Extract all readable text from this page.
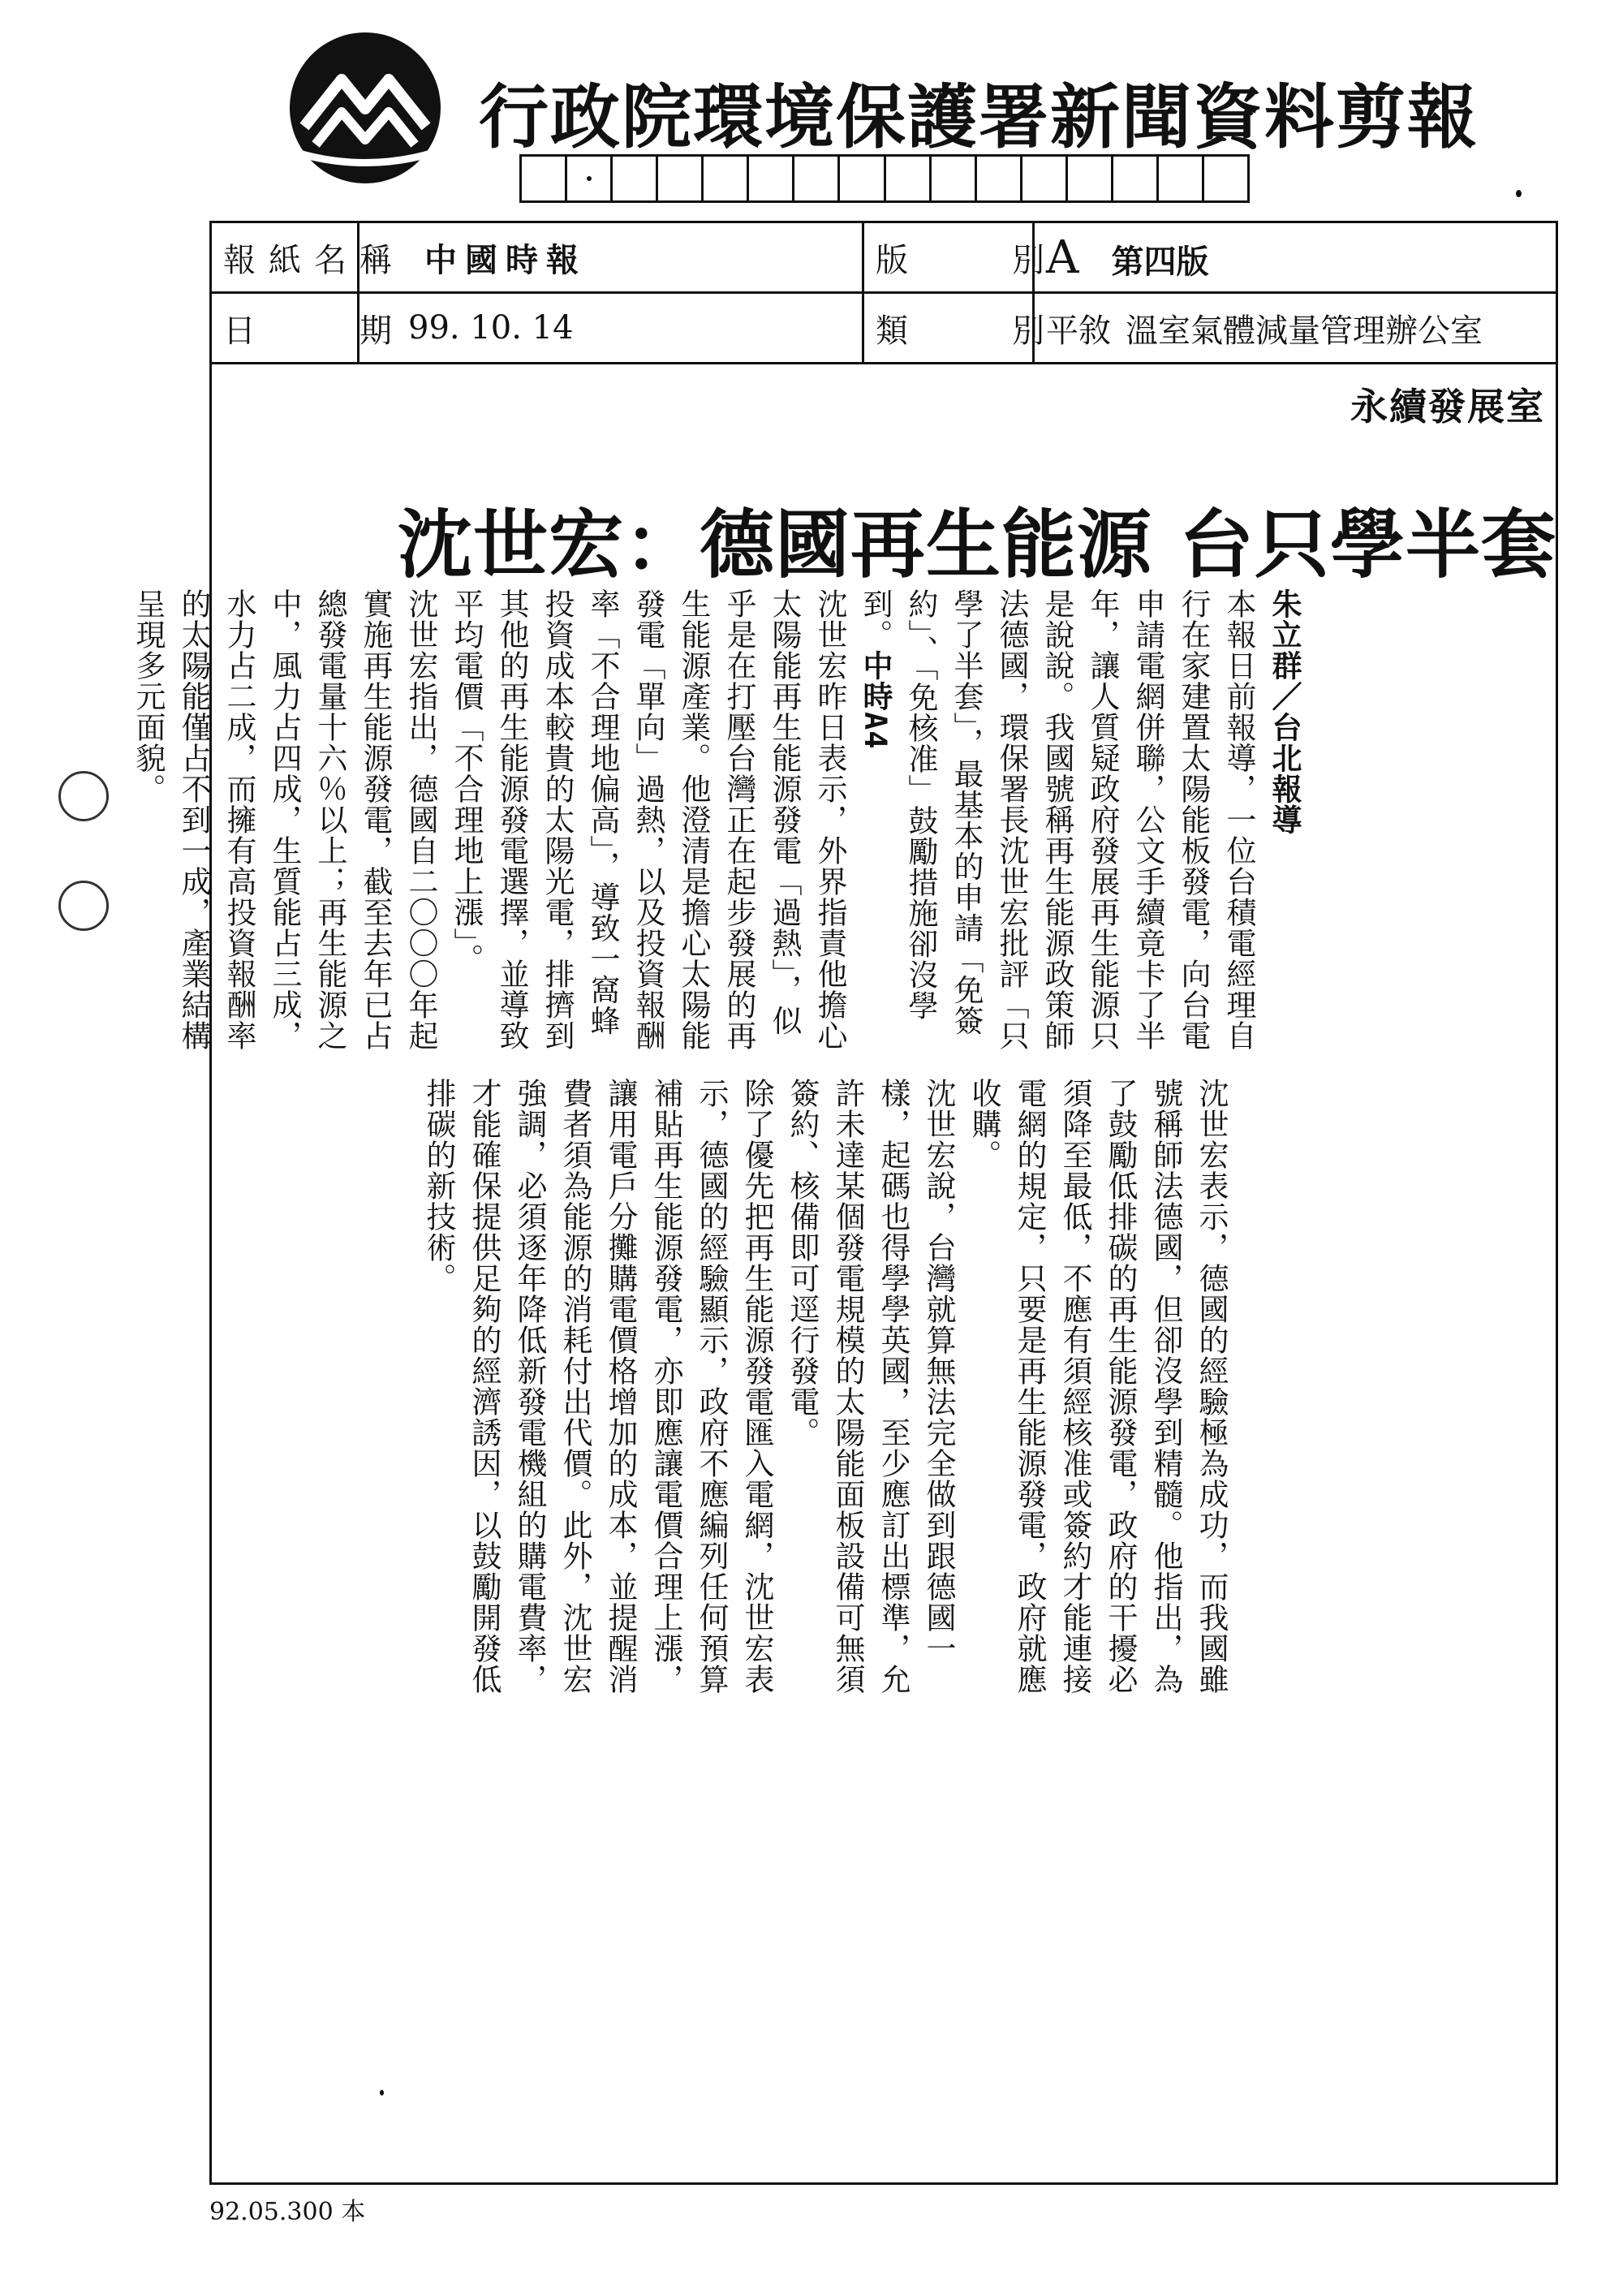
行政院環境保護署新聞資料剪報
報紙名稱	中國時報	版　　別	A 第四版
日　　期	99. 10. 14	類　　別	平敘 溫室氣體減量管理辦公室
永續發展室
沈世宏：德國再生能源 台只學半套

朱立群／台北報導

本報日前報導，一位台積電經理自行在家建置太陽能板發電，向台電申請電網併聯，公文手續竟卡了半年，讓人質疑政府發展再生能源只是說說。我國號稱再生能源政策師法德國，環保署長沈世宏批評「只學了半套」，最基本的申請「免簽約」、「免核准」鼓勵措施卻沒學到。中時A4

沈世宏昨日表示，外界指責他擔心太陽能再生能源發電「過熱」，似乎是在打壓台灣正在起步發展的再生能源產業。他澄清是擔心太陽能發電「單向」過熱，以及投資報酬率「不合理地偏高」，導致一窩蜂投資成本較貴的太陽光電，排擠到其他的再生能源發電選擇，並導致平均電價「不合理地上漲」。

沈世宏指出，德國自二〇〇〇年起實施再生能源發電，截至去年已占總發電量十六％以上；再生能源之中，風力占四成，生質能占三成，水力占二成，而擁有高投資報酬率的太陽能僅占不到一成，產業結構呈現多元面貌。

沈世宏表示，德國的經驗極為成功，而我國雖號稱師法德國，但卻沒學到精髓。他指出，為了鼓勵低排碳的再生能源發電，政府的干擾必須降至最低，不應有須經核准或簽約才能連接電網的規定，只要是再生能源發電，政府就應收購。

沈世宏說，台灣就算無法完全做到跟德國一樣，起碼也得學學英國，至少應訂出標準，允許未達某個發電規模的太陽能面板設備可無須簽約、核備即可逕行發電。

除了優先把再生能源發電匯入電網，沈世宏表示，德國的經驗顯示，政府不應編列任何預算補貼再生能源發電，亦即應讓電價合理上漲，讓用電戶分攤購電價格增加的成本，並提醒消費者須為能源的消耗付出代價。此外，沈世宏強調，必須逐年降低新發電機組的購電費率，才能確保提供足夠的經濟誘因，以鼓勵開發低排碳的新技術。

92.05.300 本
